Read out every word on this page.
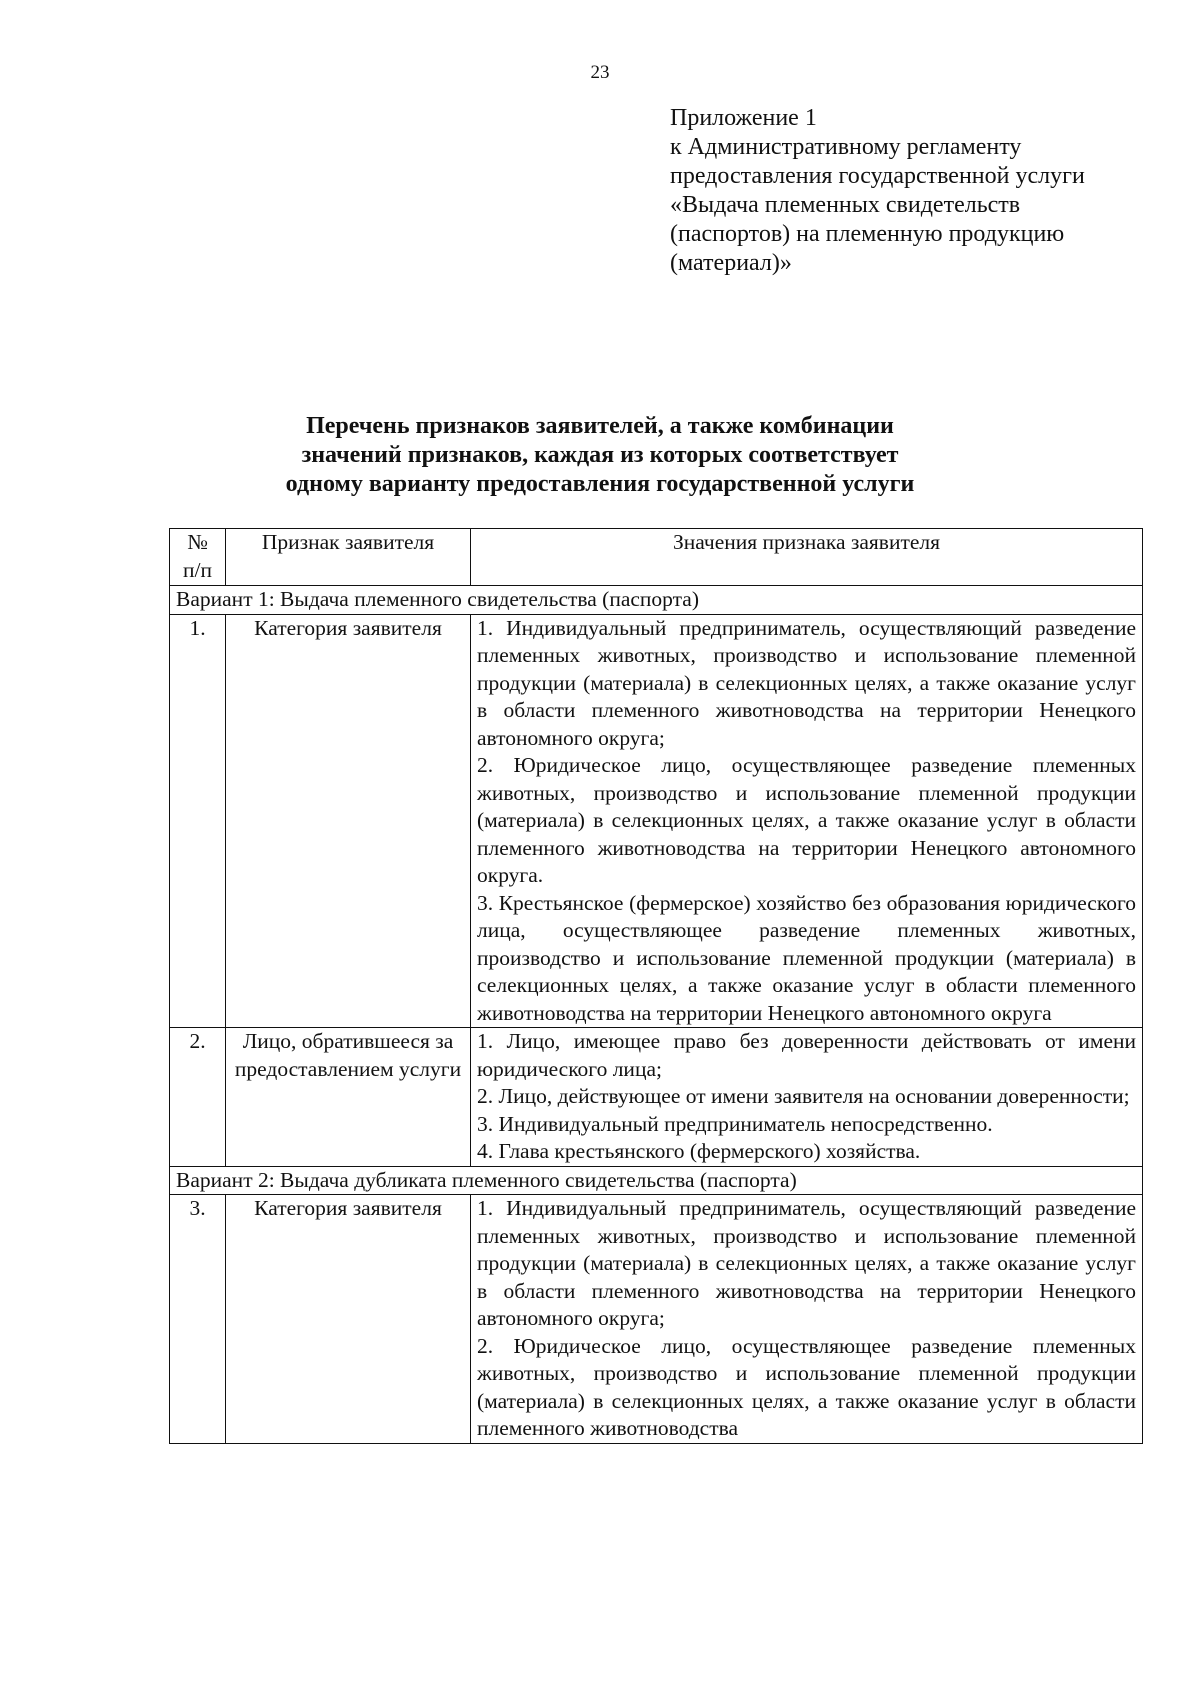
23
Приложение 1
к Административному регламенту
предоставления государственной услуги
«Выдача племенных свидетельств
(паспортов) на племенную продукцию
(материал)»
Перечень признаков заявителей, а также комбинации
значений признаков, каждая из которых соответствует
одному варианту предоставления государственной услуги
№ п/п	Признак заявителя	Значения признака заявителя
Вариант 1: Выдача племенного свидетельства (паспорта)		
1.	Категория заявителя	1. Индивидуальный предприниматель, осуществляющий разведение племенных животных, производство и использование племенной продукции (материала) в селекционных целях, а также оказание услуг в области племенного животноводства на территории Ненецкого автономного округа;
2. Юридическое лицо, осуществляющее разведение племенных животных, производство и использование племенной продукции (материала) в селекционных целях, а также оказание услуг в области племенного животноводства на территории Ненецкого автономного округа.
3. Крестьянское (фермерское) хозяйство без образования юридического лица, осуществляющее разведение племенных животных, производство и использование племенной продукции (материала) в селекционных целях, а также оказание услуг в области племенного животноводства на территории Ненецкого автономного округа

2.	Лицо, обратившееся за предоставлением услуги	1. Лицо, имеющее право без доверенности действовать от имени юридического лица;
2. Лицо, действующее от имени заявителя на основании доверенности;
3. Индивидуальный предприниматель непосредственно.
4. Глава крестьянского (фермерского) хозяйства.

Вариант 2: Выдача дубликата племенного свидетельства (паспорта)		
3.	Категория заявителя	1. Индивидуальный предприниматель, осуществляющий разведение племенных животных, производство и использование племенной продукции (материала) в селекционных целях, а также оказание услуг в области племенного животноводства на территории Ненецкого автономного округа;
2. Юридическое лицо, осуществляющее разведение племенных животных, производство и использование племенной продукции (материала) в селекционных целях, а также оказание услуг в области племенного животноводства
